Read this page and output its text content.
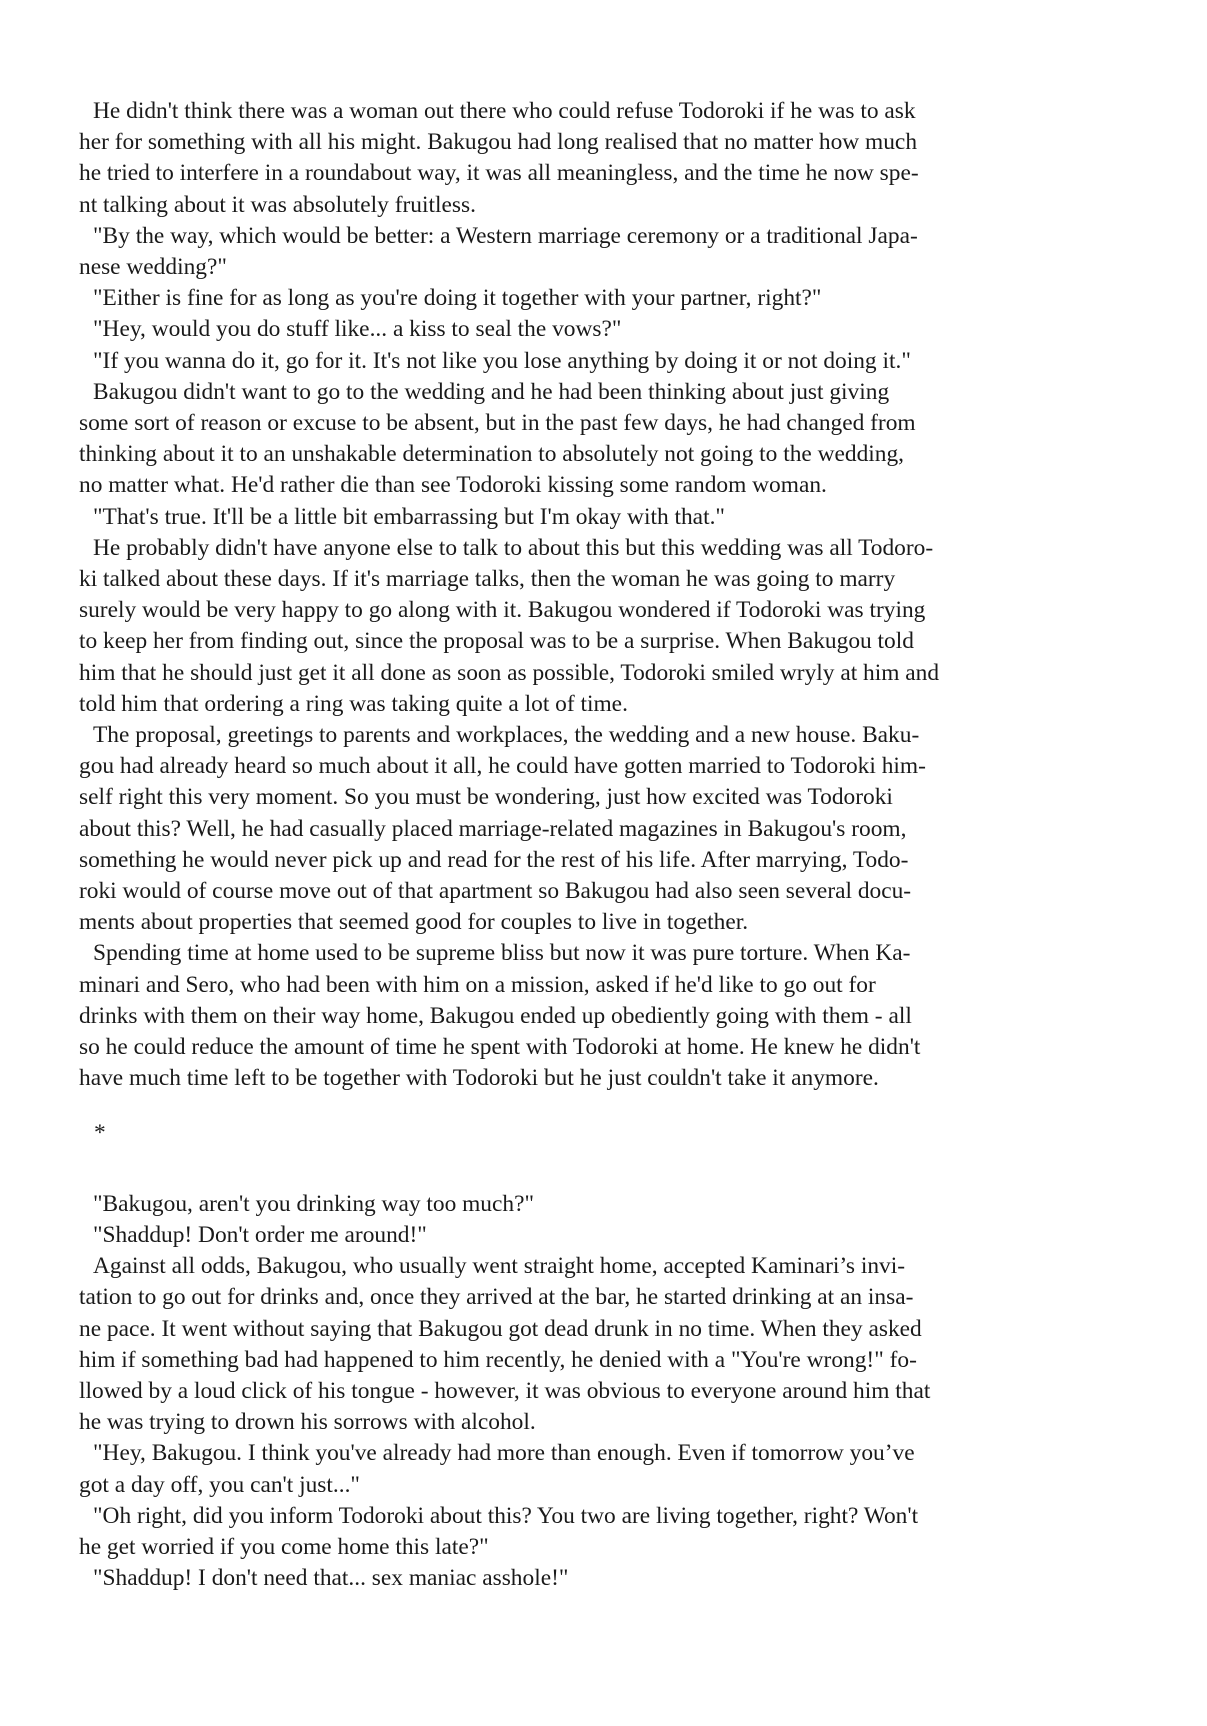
He didn't think there was a woman out there who could refuse Todoroki if he was to ask
her for something with all his might. Bakugou had long realised that no matter how much
he tried to interfere in a roundabout way, it was all meaningless, and the time he now spe-
nt talking about it was absolutely fruitless.

"By the way, which would be better: a Western marriage ceremony or a traditional Japa-
nese wedding?"

"Either is fine for as long as you're doing it together with your partner, right?"

"Hey, would you do stuff like... a kiss to seal the vows?"

"If you wanna do it, go for it. It's not like you lose anything by doing it or not doing it."

Bakugou didn't want to go to the wedding and he had been thinking about just giving
some sort of reason or excuse to be absent, but in the past few days, he had changed from
thinking about it to an unshakable determination to absolutely not going to the wedding,
no matter what. He'd rather die than see Todoroki kissing some random woman.

"That's true. It'll be a little bit embarrassing but I'm okay with that."

He probably didn't have anyone else to talk to about this but this wedding was all Todoro-
ki talked about these days. If it's marriage talks, then the woman he was going to marry
surely would be very happy to go along with it. Bakugou wondered if Todoroki was trying
to keep her from finding out, since the proposal was to be a surprise. When Bakugou told
him that he should just get it all done as soon as possible, Todoroki smiled wryly at him and
told him that ordering a ring was taking quite a lot of time.

The proposal, greetings to parents and workplaces, the wedding and a new house. Baku-
gou had already heard so much about it all, he could have gotten married to Todoroki him-
self right this very moment. So you must be wondering, just how excited was Todoroki
about this? Well, he had casually placed marriage-related magazines in Bakugou's room,
something he would never pick up and read for the rest of his life. After marrying, Todo-
roki would of course move out of that apartment so Bakugou had also seen several docu-
ments about properties that seemed good for couples to live in together.

Spending time at home used to be supreme bliss but now it was pure torture. When Ka-
minari and Sero, who had been with him on a mission, asked if he'd like to go out for
drinks with them on their way home, Bakugou ended up obediently going with them - all
so he could reduce the amount of time he spent with Todoroki at home. He knew he didn't
have much time left to be together with Todoroki but he just couldn't take it anymore.

*

"Bakugou, aren't you drinking way too much?"

"Shaddup! Don't order me around!"

Against all odds, Bakugou, who usually went straight home, accepted Kaminari’s invi-
tation to go out for drinks and, once they arrived at the bar, he started drinking at an insa-
ne pace. It went without saying that Bakugou got dead drunk in no time. When they asked
him if something bad had happened to him recently, he denied with a "You're wrong!" fo-
llowed by a loud click of his tongue - however, it was obvious to everyone around him that
he was trying to drown his sorrows with alcohol.

"Hey, Bakugou. I think you've already had more than enough. Even if tomorrow you’ve
got a day off, you can't just..."

"Oh right, did you inform Todoroki about this? You two are living together, right? Won't
he get worried if you come home this late?"

"Shaddup! I don't need that... sex maniac asshole!"
